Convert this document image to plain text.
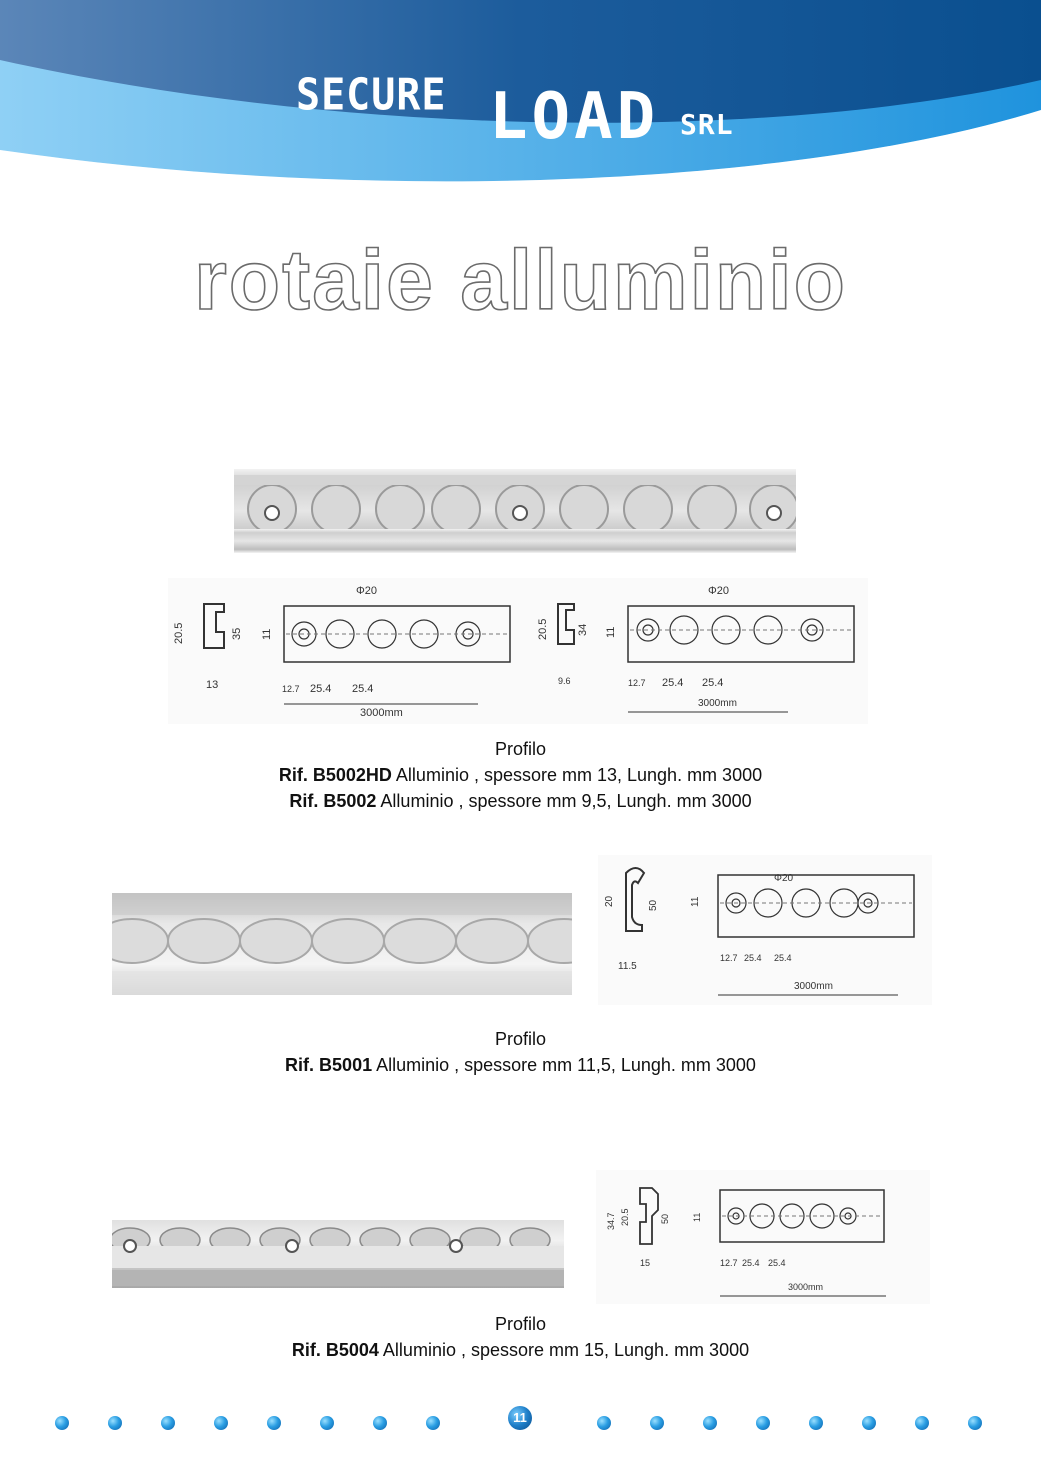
SECURE LOAD SRL
rotaie alluminio
20.5	35
13
Φ20
11
12.7 25.4 25.4
3000mm
20.5	34
9.6
Φ20
11
12.7 25.4 25.4
3000mm
Profilo
Rif. B5002HD Alluminio , spessore mm 13, Lungh. mm 3000
Rif. B5002 Alluminio , spessore mm 9,5, Lungh. mm 3000
20	50
11.5
Φ20
11
12.7 25.4 25.4
3000mm
Profilo
Rif. B5001 Alluminio , spessore mm 11,5, Lungh. mm 3000
34.7 20.5	50
15
11
12.7 25.4 25.4
3000mm
Profilo
Rif. B5004 Alluminio , spessore mm 15, Lungh. mm 3000
11
